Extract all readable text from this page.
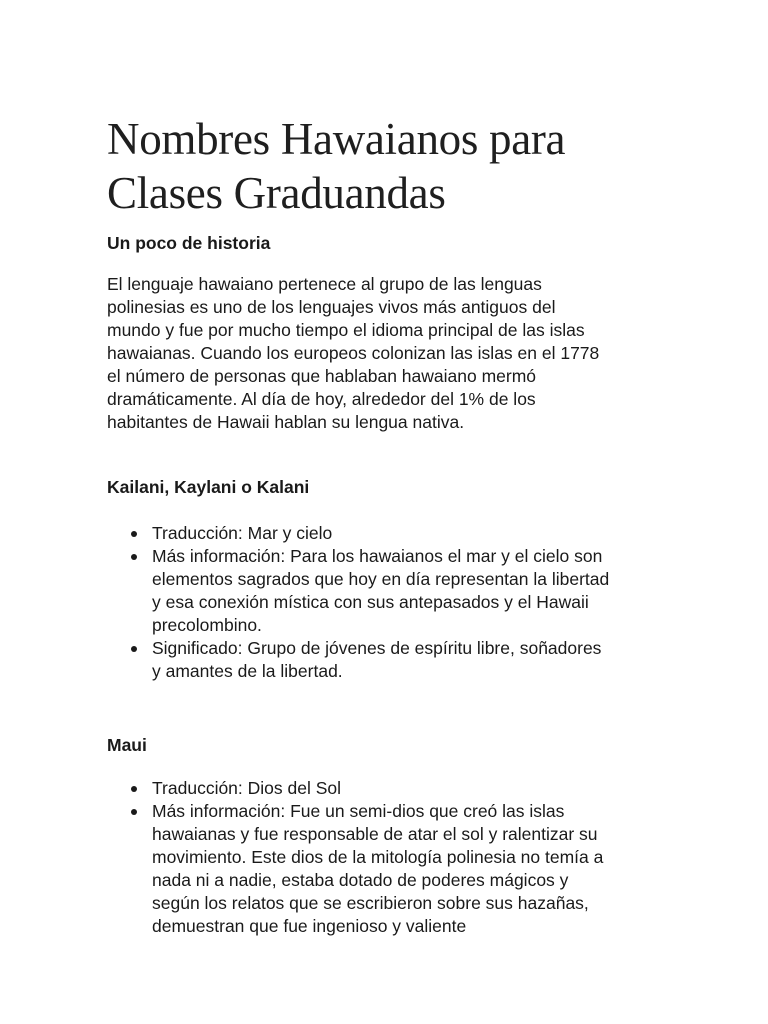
Nombres Hawaianos para
Clases Graduandas
Un poco de historia

El lenguaje hawaiano pertenece al grupo de las lenguas
polinesias es uno de los lenguajes vivos más antiguos del
mundo y fue por mucho tiempo el idioma principal de las islas
hawaianas. Cuando los europeos colonizan las islas en el 1778
el número de personas que hablaban hawaiano mermó
dramáticamente. Al día de hoy, alrededor del 1% de los
habitantes de Hawaii hablan su lengua nativa.

Kailani, Kaylani o Kalani
Traducción: Mar y cielo
Más información: Para los hawaianos el mar y el cielo son
elementos sagrados que hoy en día representan la libertad
y esa conexión mística con sus antepasados y el Hawaii
precolombino.
Significado: Grupo de jóvenes de espíritu libre, soñadores
y amantes de la libertad.
Maui
Traducción: Dios del Sol
Más información: Fue un semi-dios que creó las islas
hawaianas y fue responsable de atar el sol y ralentizar su
movimiento. Este dios de la mitología polinesia no temía a
nada ni a nadie, estaba dotado de poderes mágicos y
según los relatos que se escribieron sobre sus hazañas,
demuestran que fue ingenioso y valiente
